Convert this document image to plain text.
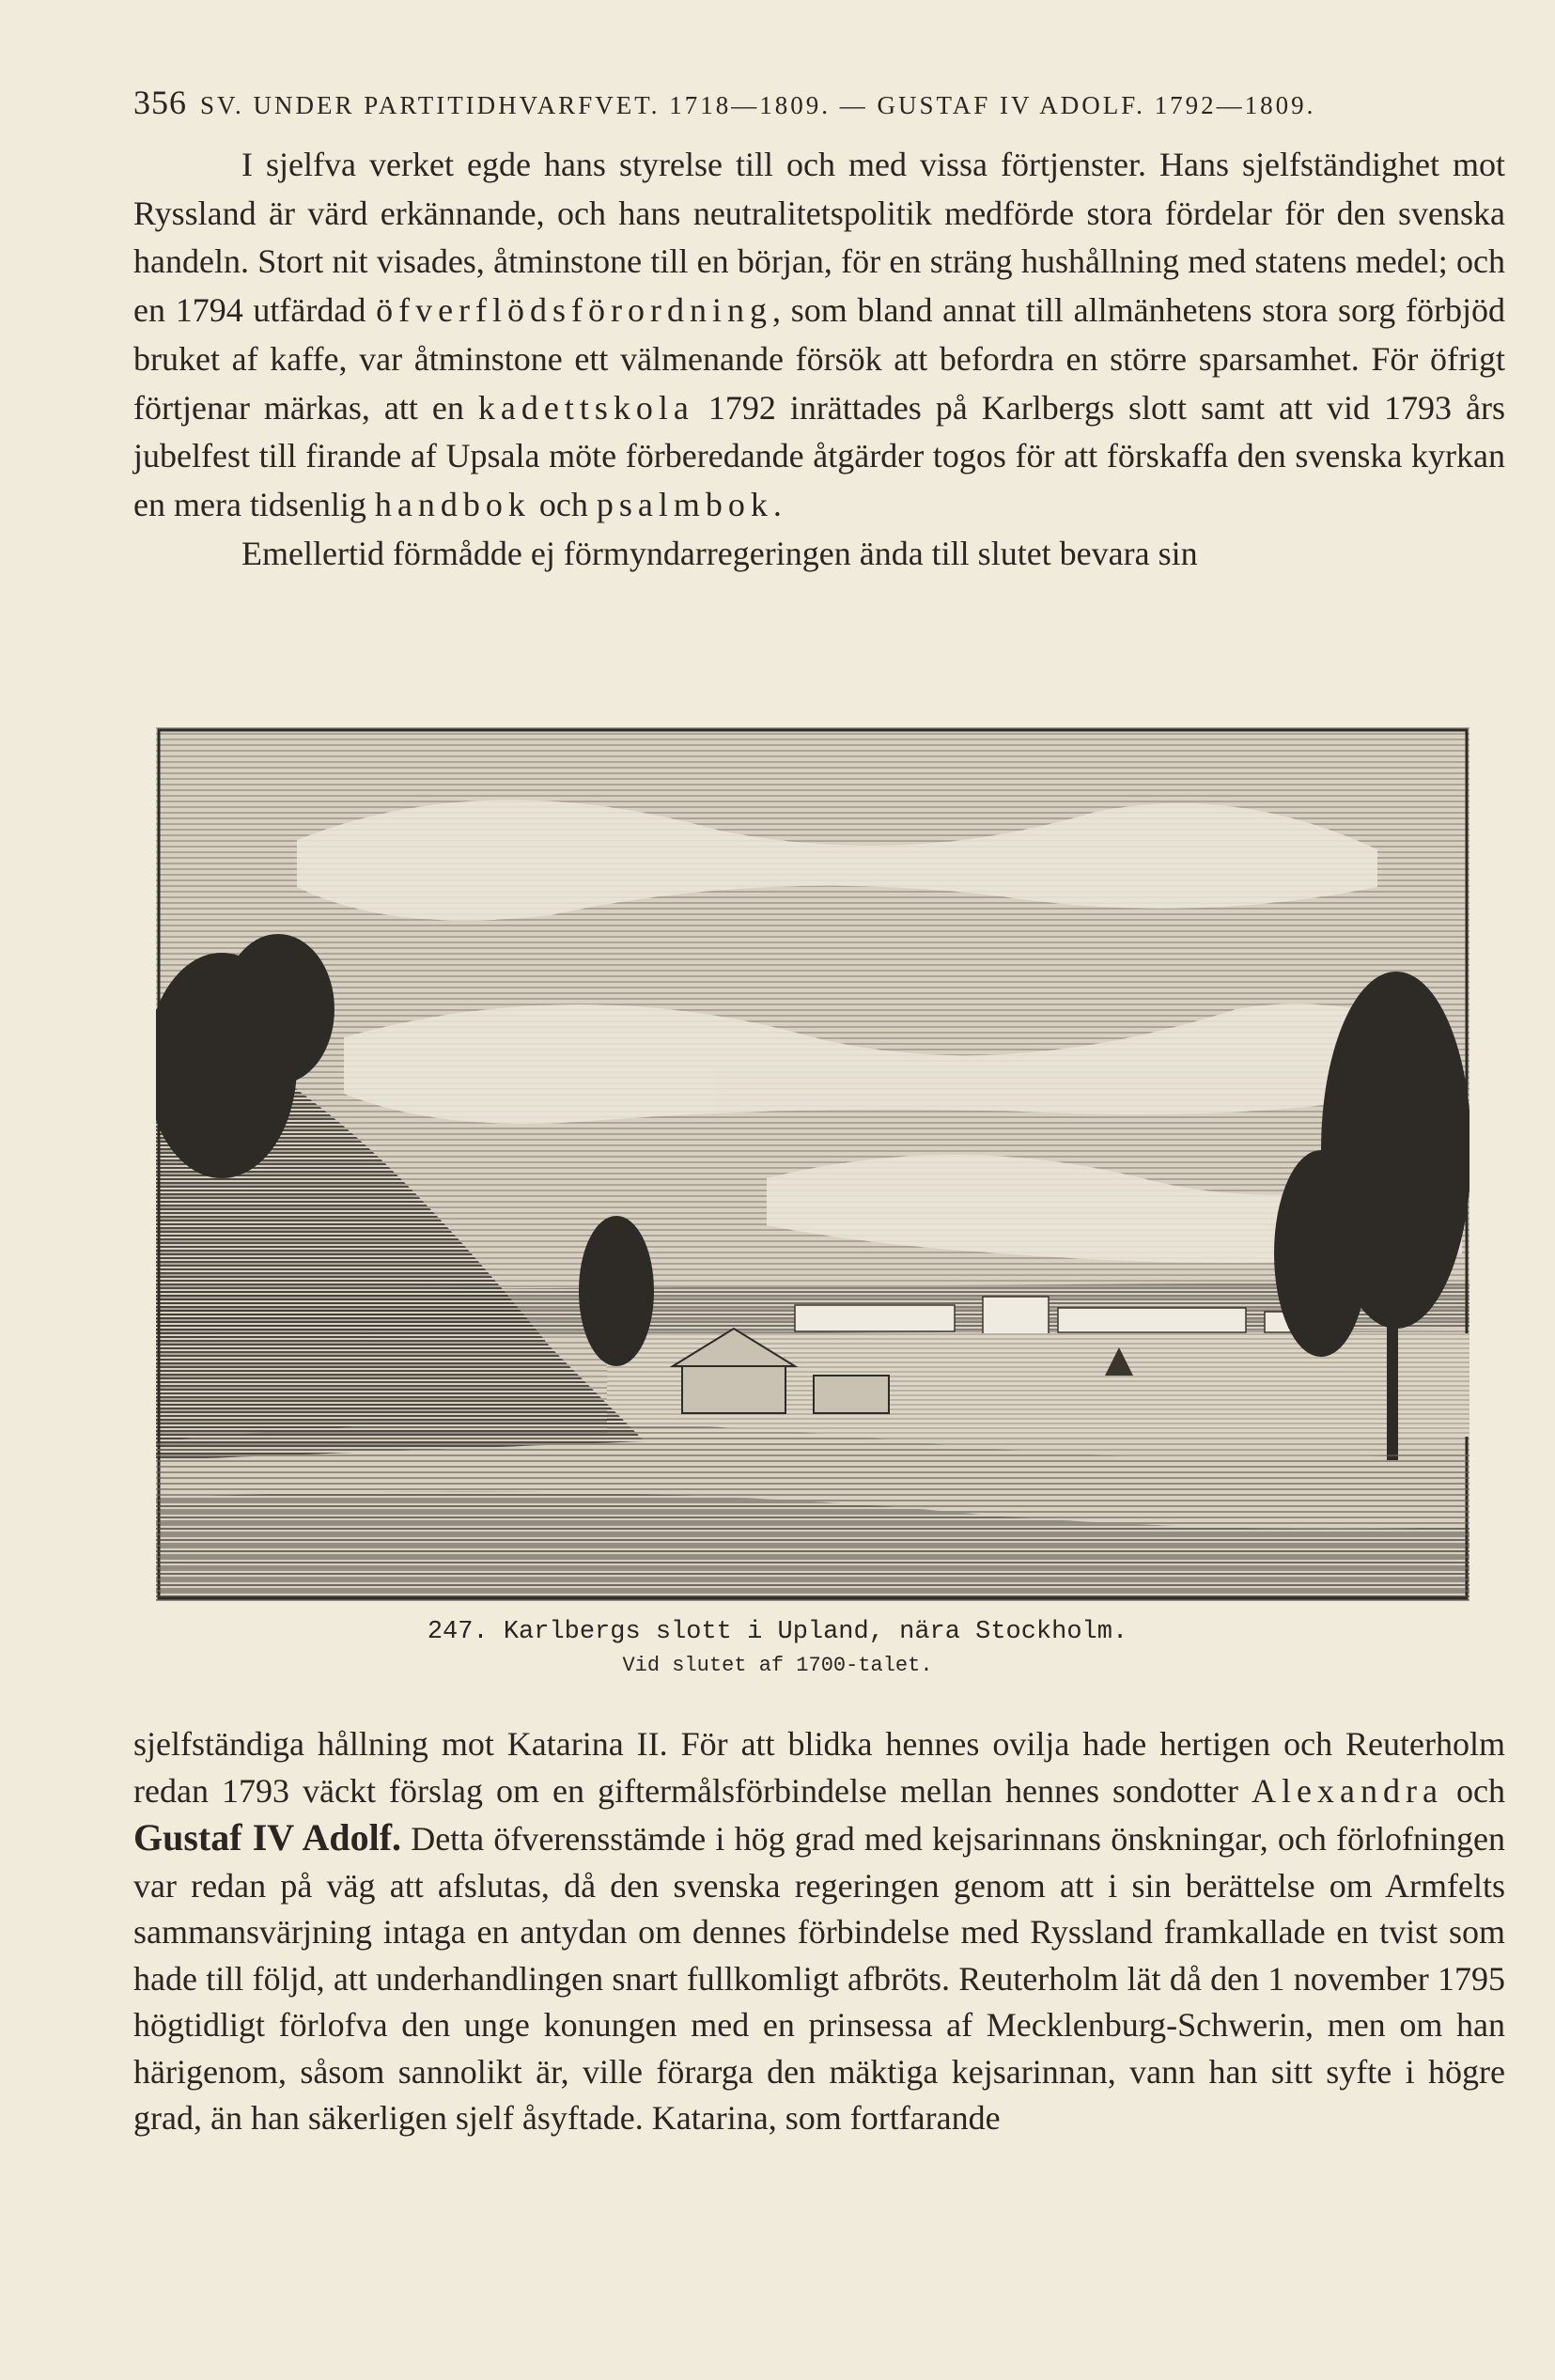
356 SV. UNDER PARTITIDHVARFVET. 1718—1809. — GUSTAF IV ADOLF. 1792—1809.

I sjelfva verket egde hans styrelse till och med vissa förtjenster. Hans sjelfständighet mot Ryssland är värd erkännande, och hans neutralitetspolitik medförde stora fördelar för den svenska handeln. Stort nit visades, åtminstone till en början, för en sträng hushållning med statens medel; och en 1794 utfärdad öfverflödsförordning, som bland annat till allmänhetens stora sorg förbjöd bruket af kaffe, var åtminstone ett välmenande försök att befordra en större sparsamhet. För öfrigt förtjenar märkas, att en kadettskola 1792 inrättades på Karlbergs slott samt att vid 1793 års jubelfest till firande af Upsala möte förberedande åtgärder togos för att förskaffa den svenska kyrkan en mera tidsenlig handbok och psalmbok.

Emellertid förmådde ej förmyndarregeringen ända till slutet bevara sin

247. Karlbergs slott i Upland, nära Stockholm.
Vid slutet af 1700-talet.

sjelfständiga hållning mot Katarina II. För att blidka hennes ovilja hade hertigen och Reuterholm redan 1793 väckt förslag om en giftermålsförbindelse mellan hennes sondotter Alexandra och Gustaf IV Adolf. Detta öfverensstämde i hög grad med kejsarinnans önskningar, och förlofningen var redan på väg att afslutas, då den svenska regeringen genom att i sin berättelse om Armfelts sammansvärjning intaga en antydan om dennes förbindelse med Ryssland framkallade en tvist som hade till följd, att underhandlingen snart fullkomligt afbröts. Reuterholm lät då den 1 november 1795 högtidligt förlofva den unge konungen med en prinsessa af Mecklenburg-Schwerin, men om han härigenom, såsom sannolikt är, ville förarga den mäktiga kejsarinnan, vann han sitt syfte i högre grad, än han säkerligen sjelf åsyftade. Katarina, som fortfarande
